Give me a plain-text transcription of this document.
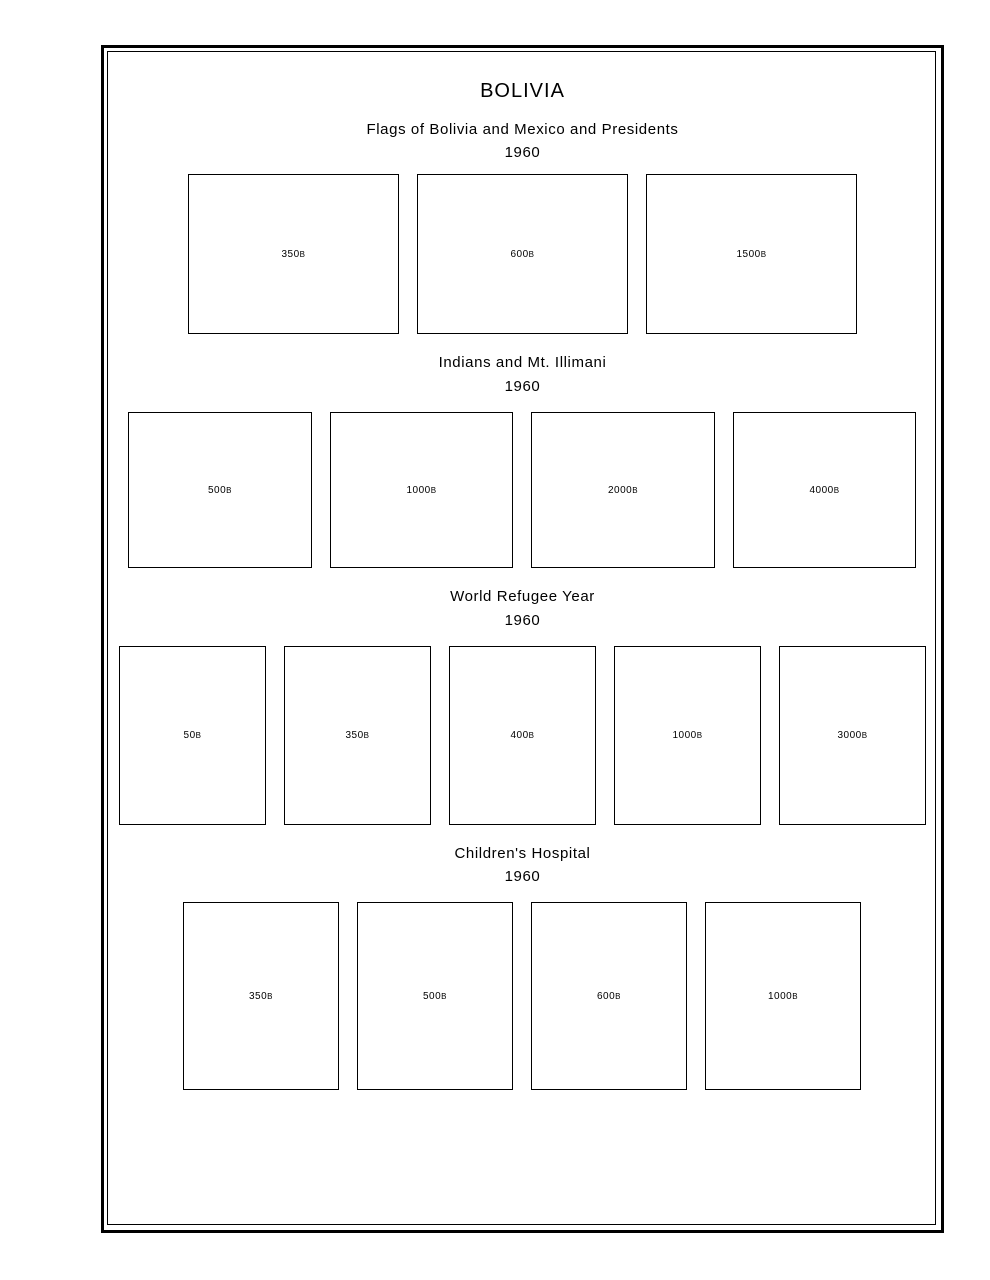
BOLIVIA
Flags of Bolivia and Mexico and Presidents
1960
350 B	600 B	1500 B
Indians and Mt. Illimani
1960
500 B	1000 B	2000 B	4000 B
World Refugee Year
1960
50 B	350 B	400 B	1000 B	3000 B
Children's Hospital
1960
350 B	500 B	600 B	1000 B
